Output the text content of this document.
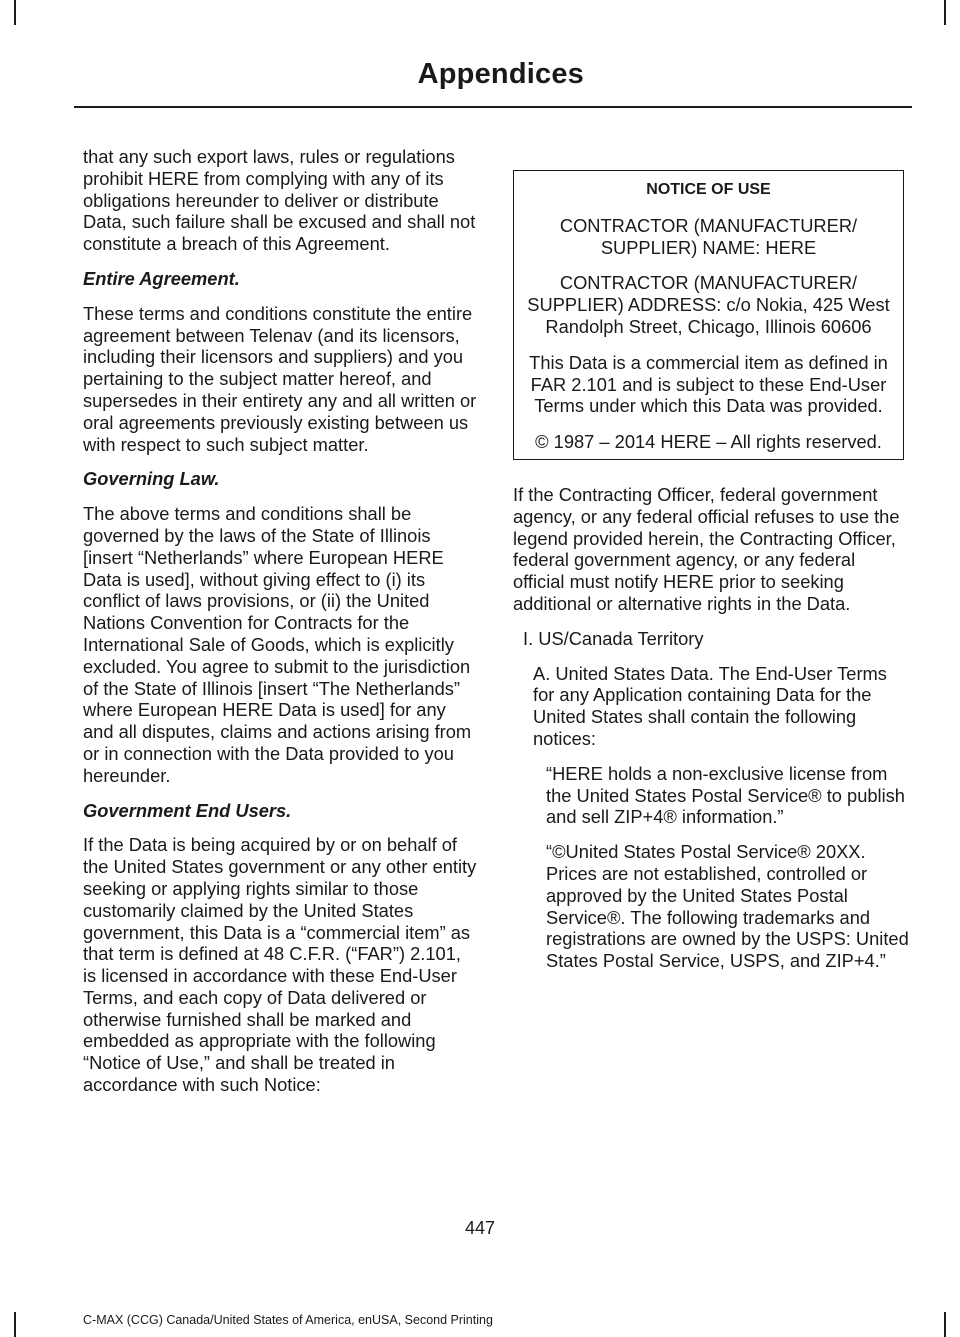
Appendices

that any such export laws, rules or regulations prohibit HERE from complying with any of its obligations hereunder to deliver or distribute Data, such failure shall be excused and shall not constitute a breach of this Agreement.

Entire Agreement.

These terms and conditions constitute the entire agreement between Telenav (and its licensors, including their licensors and suppliers) and you pertaining to the subject matter hereof, and supersedes in their entirety any and all written or oral agreements previously existing between us with respect to such subject matter.

Governing Law.

The above terms and conditions shall be governed by the laws of the State of Illinois [insert “Netherlands” where European HERE Data is used], without giving effect to (i) its conflict of laws provisions, or (ii) the United Nations Convention for Contracts for the International Sale of Goods, which is explicitly excluded. You agree to submit to the jurisdiction of the State of Illinois [insert “The Netherlands” where European HERE Data is used] for any and all disputes, claims and actions arising from or in connection with the Data provided to you hereunder.

Government End Users.

If the Data is being acquired by or on behalf of the United States government or any other entity seeking or applying rights similar to those customarily claimed by the United States government, this Data is a “commercial item” as that term is defined at 48 C.F.R. (“FAR”) 2.101, is licensed in accordance with these End-User Terms, and each copy of Data delivered or otherwise furnished shall be marked and embedded as appropriate with the following “Notice of Use,” and shall be treated in accordance with such Notice:

NOTICE OF USE

CONTRACTOR (MANUFACTURER/ SUPPLIER) NAME: HERE

CONTRACTOR (MANUFACTURER/ SUPPLIER) ADDRESS: c/o Nokia, 425 West Randolph Street, Chicago, Illinois 60606

This Data is a commercial item as defined in FAR 2.101 and is subject to these End-User Terms under which this Data was provided.

© 1987 – 2014 HERE – All rights reserved.

If the Contracting Officer, federal government agency, or any federal official refuses to use the legend provided herein, the Contracting Officer, federal government agency, or any federal official must notify HERE prior to seeking additional or alternative rights in the Data.

I. US/Canada Territory

A. United States Data. The End-User Terms for any Application containing Data for the United States shall contain the following notices:

“HERE holds a non-exclusive license from the United States Postal Service® to publish and sell ZIP+4® information.”

“©United States Postal Service® 20XX. Prices are not established, controlled or approved by the United States Postal Service®. The following trademarks and registrations are owned by the USPS: United States Postal Service, USPS, and ZIP+4.”

447
C-MAX (CCG) Canada/United States of America, enUSA, Second Printing
